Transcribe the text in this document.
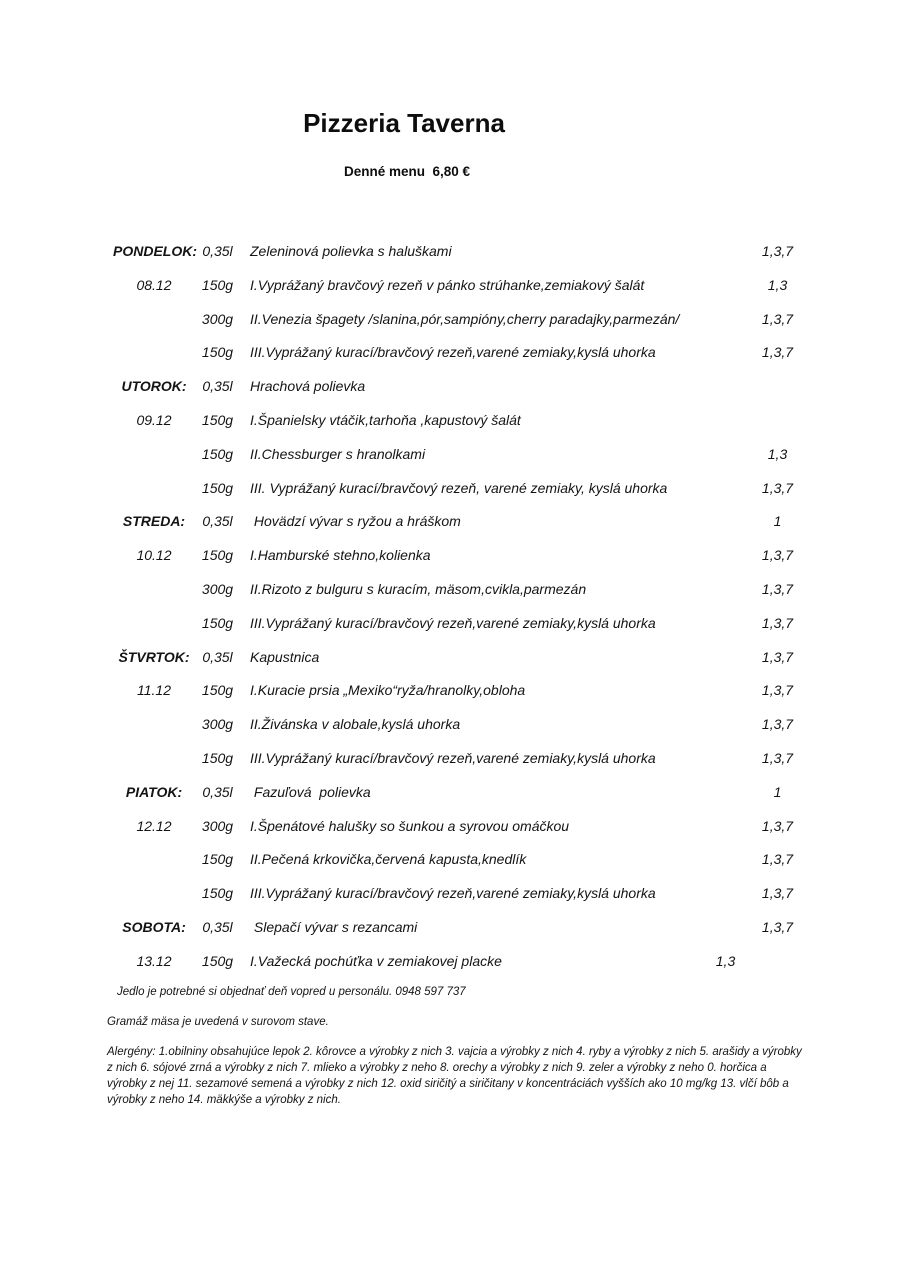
Pizzeria Taverna
Denné menu  6,80 €
PONDELOK: 0,35l	Zeleninová polievka s haluškami	1,3,7
08.12	150g	I.Vyprážaný bravčový rezeň v pánko strúhanke,zemiakový šalát	1,3
300g	II.Venezia špagety /slanina,pór,sampióny,cherry paradajky,parmezán/	1,3,7
150g	III.Vyprážaný kurací/bravčový rezeň,varené zemiaky,kyslá uhorka	1,3,7
UTOROK:	0,35l	Hrachová polievka
09.12	150g	I.Španielsky vtáčik,tarhoňa ,kapustový šalát
150g	II.Chessburger s hranolkami	1,3
150g	III. Vyprážaný kurací/bravčový rezeň, varené zemiaky, kyslá uhorka	1,3,7
STREDA:	0,35l	Hovädzí vývar s ryžou a hráškom	1
10.12	150g	I.Hamburské stehno,kolienka	1,3,7
300g	II.Rizoto z bulguru s kuracím, mäsom,cvikla,parmezán	1,3,7
150g	III.Vyprážaný kurací/bravčový rezeň,varené zemiaky,kyslá uhorka	1,3,7
ŠTVRTOK: 0,35l	Kapustnica	1,3,7
11.12	150g	I.Kuracie prsia „Mexiko“ryža/hranolky,obloha	1,3,7
300g	II.Živánska v alobale,kyslá uhorka	1,3,7
150g	III.Vyprážaný kurací/bravčový rezeň,varené zemiaky,kyslá uhorka	1,3,7
PIATOK:	0,35l	Fazuľová  polievka	1
12.12	300g	I.Špenátové halušky so šunkou a syrovou omáčkou	1,3,7
150g	II.Pečená krkovička,červená kapusta,knedlík	1,3,7
150g	III.Vyprážaný kurací/bravčový rezeň,varené zemiaky,kyslá uhorka	1,3,7
SOBOTA:	0,35l	Slepačí vývar s rezancami	1,3,7
13.12	150g	I.Važecká pochúťka v zemiakovej placke	1,3
Jedlo je potrebné si objednať deň vopred u personálu. 0948 597 737
Gramáž mäsa je uvedená v surovom stave.
Alergény: 1.obilniny obsahujúce lepok 2. kôrovce a výrobky z nich 3. vajcia a výrobky z nich 4. ryby a výrobky z nich 5. arašidy a výrobky z nich 6. sójové zrná a výrobky z nich 7. mlieko a výrobky z neho 8. orechy a výrobky z nich 9. zeler a výrobky z neho 0. horčica a výrobky z nej 11. sezamové semená a výrobky z nich 12. oxid siričitý a siričitany v koncentráciách vyšších ako 10 mg/kg 13. vlčí bôb a výrobky z neho 14. mäkkýše a výrobky z nich.
